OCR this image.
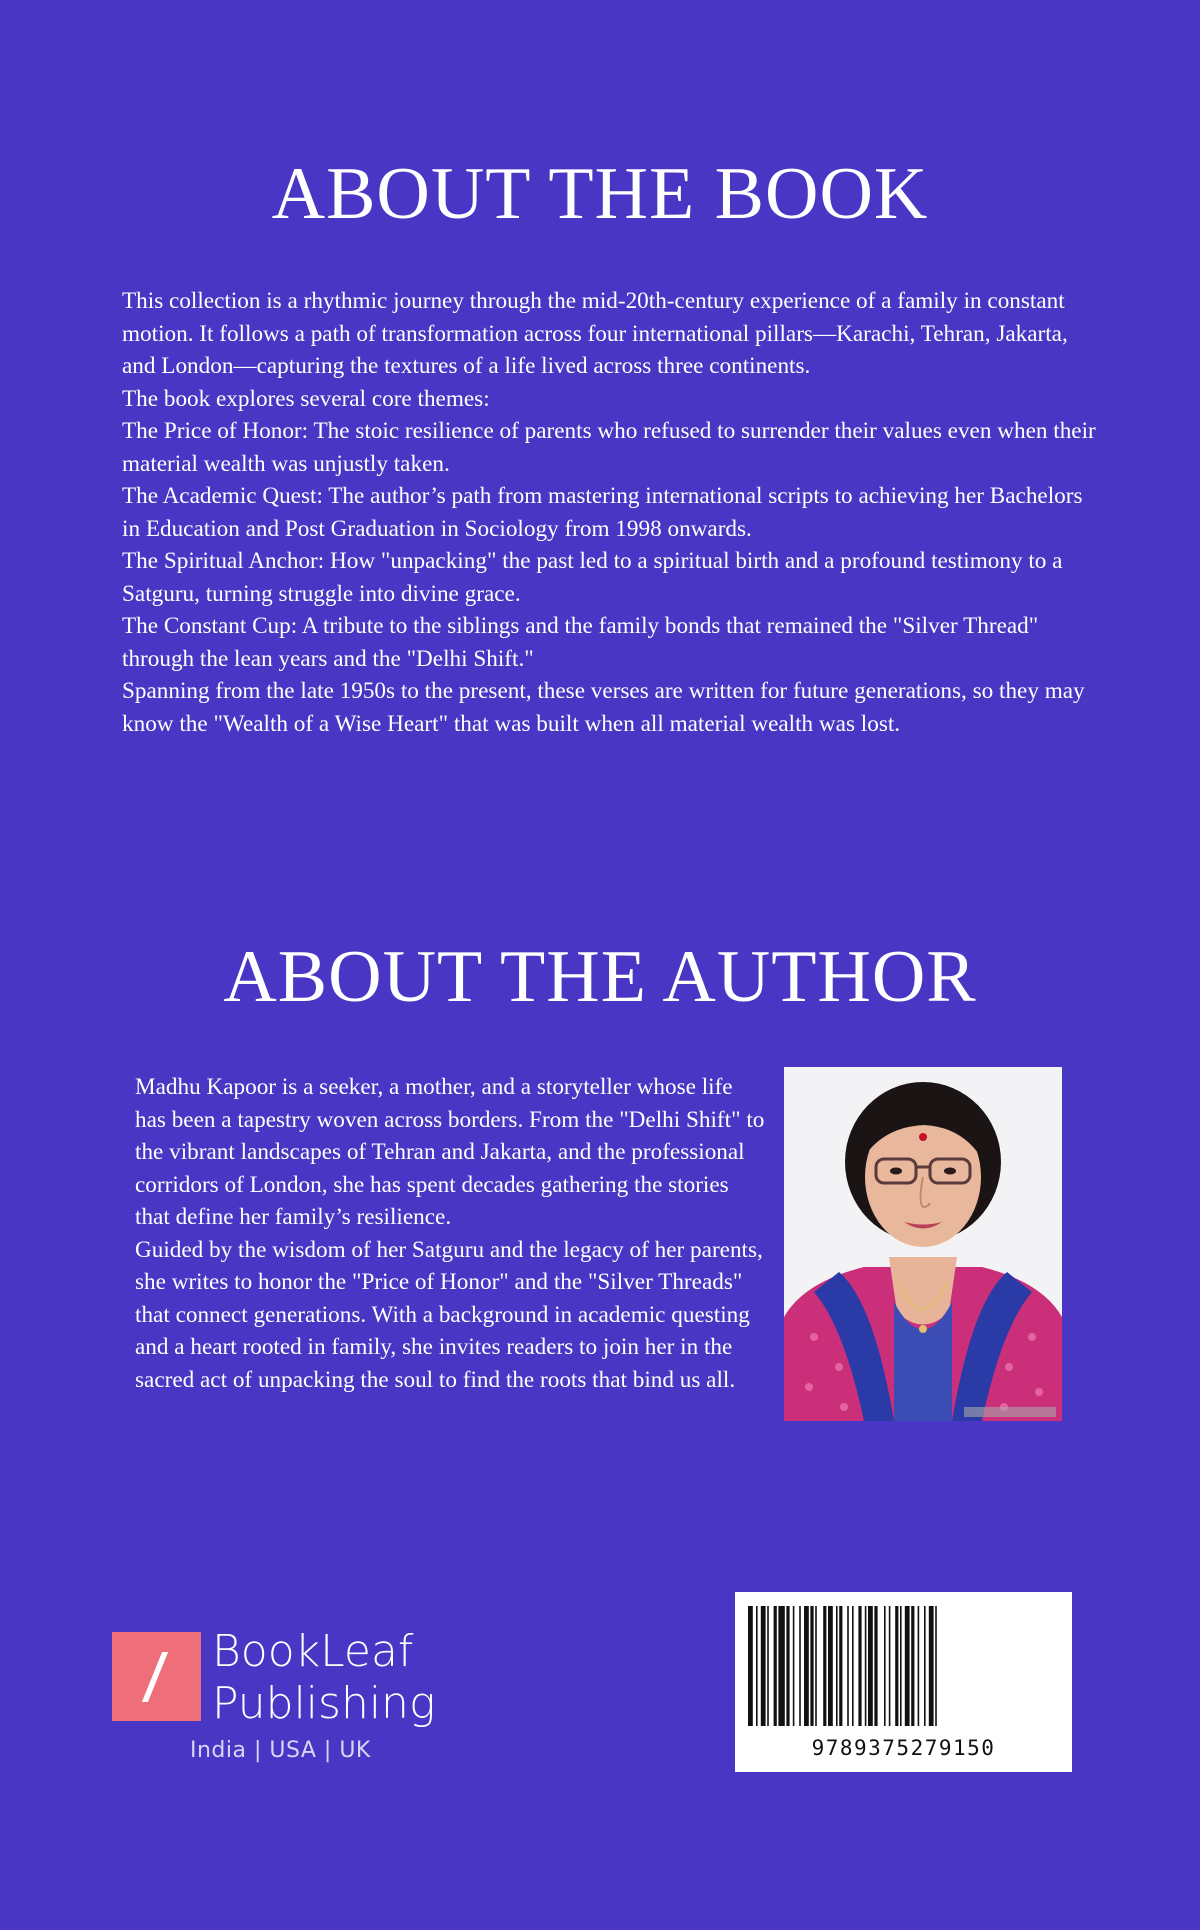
ABOUT THE BOOK

This collection is a rhythmic journey through the mid-20th-century experience of a family in constant motion. It follows a path of transformation across four international pillars—Karachi, Tehran, Jakarta, and London—capturing the textures of a life lived across three continents.

The book explores several core themes:

The Price of Honor: The stoic resilience of parents who refused to surrender their values even when their material wealth was unjustly taken.

The Academic Quest: The author’s path from mastering international scripts to achieving her Bachelors in Education and Post Graduation in Sociology from 1998 onwards.

The Spiritual Anchor: How "unpacking" the past led to a spiritual birth and a profound testimony to a Satguru, turning struggle into divine grace.

The Constant Cup: A tribute to the siblings and the family bonds that remained the "Silver Thread" through the lean years and the "Delhi Shift."

Spanning from the late 1950s to the present, these verses are written for future generations, so they may know the "Wealth of a Wise Heart" that was built when all material wealth was lost.

ABOUT THE AUTHOR

Madhu Kapoor is a seeker, a mother, and a storyteller whose life has been a tapestry woven across borders. From the "Delhi Shift" to the vibrant landscapes of Tehran and Jakarta, and the professional corridors of London, she has spent decades gathering the stories that define her family’s resilience.

Guided by the wisdom of her Satguru and the legacy of her parents, she writes to honor the "Price of Honor" and the "Silver Threads" that connect generations. With a background in academic questing and a heart rooted in family, she invites readers to join her in the sacred act of unpacking the soul to find the roots that bind us all.

BookLeaf
Publishing
India | USA | UK	9789375279150
